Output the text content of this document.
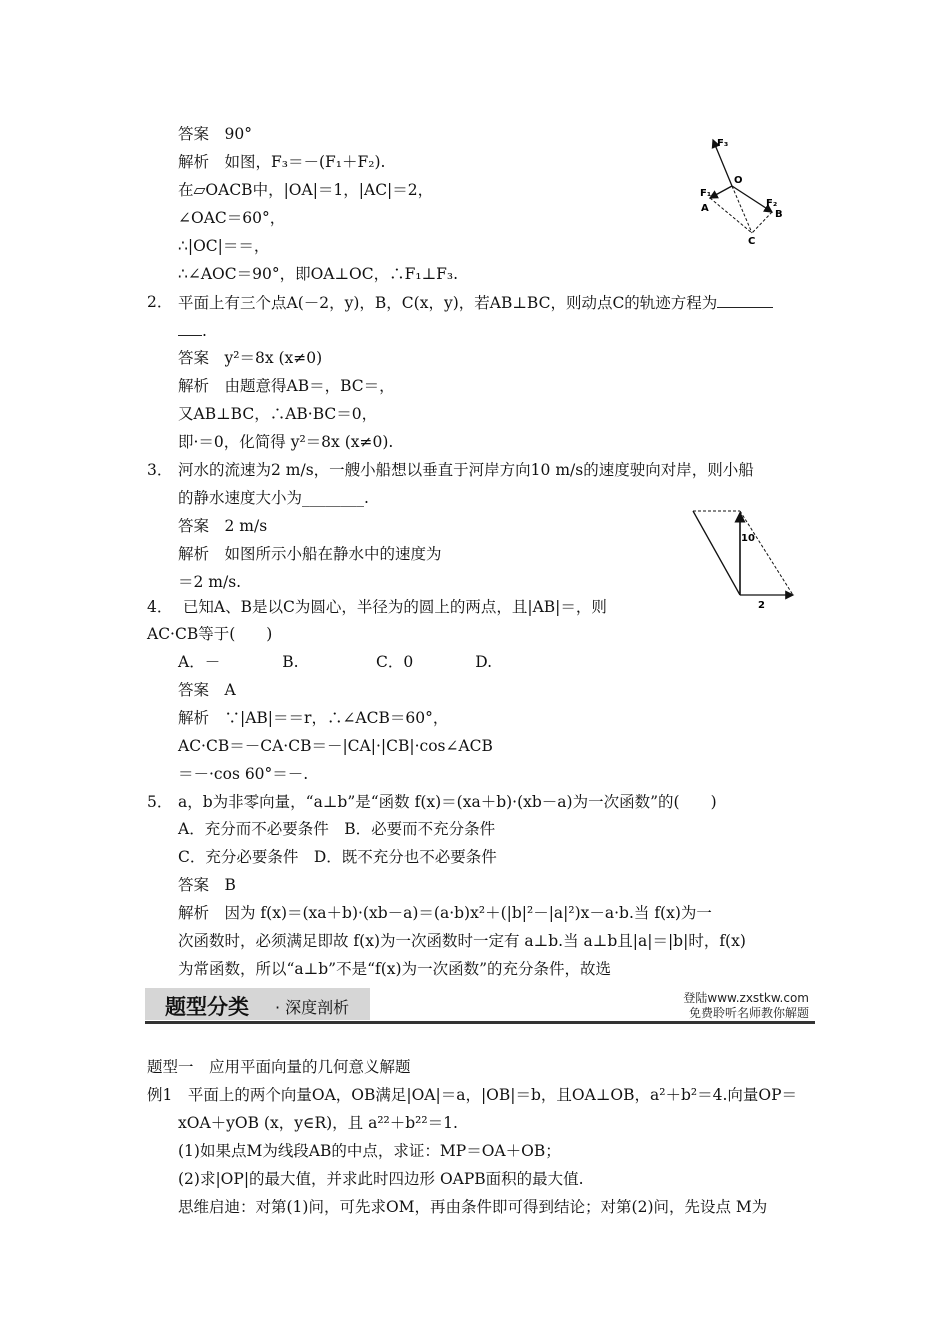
答案　90°
解析　如图，F₃＝－(F₁＋F₂).
在▱OACB中，|OA|＝1，|AC|＝2，
∠OAC＝60°，
∴|OC|＝＝，
∴∠AOC＝90°，即OA⊥OC，∴F₁⊥F₃.
F₃
O
F₁
A	F₂
B
C
2． 平面上有三个点A(－2，y)，B，C(x，y)，若AB⊥BC，则动点C的轨迹方程为
.
答案　y²＝8x (x≠0)
解析　由题意得AB＝，BC＝，
又AB⊥BC，∴AB·BC＝0，
即·＝0，化简得 y²＝8x (x≠0).
3． 河水的流速为2 m/s，一艘小船想以垂直于河岸方向10 m/s的速度驶向对岸，则小船
的静水速度大小为________.
答案　2 m/s
解析　如图所示小船在静水中的速度为
＝2 m/s.
10
2
4． 已知A、B是以C为圆心，半径为的圆上的两点，且|AB|＝，则
AC·CB等于(　　)
A．－　　　　B.　　　　　C．0　　　　D.
答案　A
解析　∵|AB|＝＝r，∴∠ACB＝60°，
AC·CB＝－CA·CB＝－|CA|·|CB|·cos∠ACB
＝－·cos 60°＝－.
5． a，b为非零向量，“a⊥b”是“函数 f(x)＝(xa＋b)·(xb－a)为一次函数”的(　　)
A．充分而不必要条件　B．必要而不充分条件
C．充分必要条件　D．既不充分也不必要条件
答案　B
解析　因为 f(x)＝(xa＋b)·(xb－a)＝(a·b)x²＋(|b|²－|a|²)x－a·b.当 f(x)为一
次函数时，必须满足即故 f(x)为一次函数时一定有 a⊥b.当 a⊥b且|a|＝|b|时，f(x)
为常函数，所以“a⊥b”不是“f(x)为一次函数”的充分条件，故选
题型分类 · 深度剖析	登陆www.zxstkw.com
免费聆听名师教你解题
题型一　应用平面向量的几何意义解题
例1　平面上的两个向量OA，OB满足|OA|＝a，|OB|＝b，且OA⊥OB，a²＋b²＝4.向量OP＝
xOA＋yOB (x，y∈R)，且 a²²＋b²²＝1.
(1)如果点M为线段AB的中点，求证：MP＝OA＋OB；
(2)求|OP|的最大值，并求此时四边形 OAPB面积的最大值.
思维启迪：对第(1)问，可先求OM，再由条件即可得到结论；对第(2)问，先设点 M为
